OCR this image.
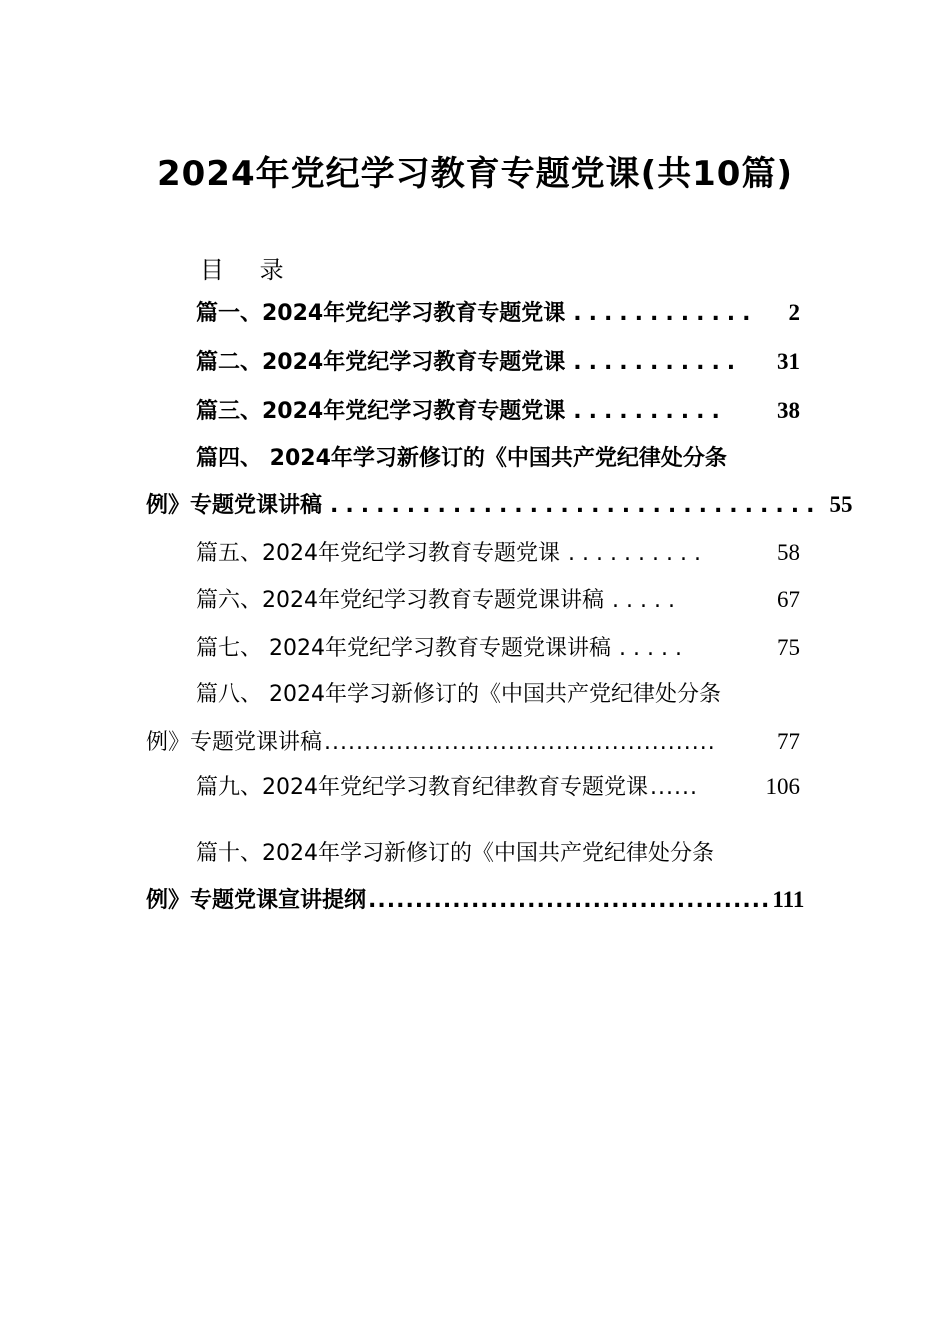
2024年党纪学习教育专题党课(共10篇)
目 录
篇一、2024年党纪学习教育专题党课 ............	2
篇二、2024年党纪学习教育专题党课 ...........	31
篇三、2024年党纪学习教育专题党课 ..........	38
篇四、 2024年学习新修订的《中国共产党纪律处分条
例》专题党课讲稿 ................................ 55
篇五、2024年党纪学习教育专题党课 ..........	58
篇六、2024年党纪学习教育专题党课讲稿 .....	67
篇七、 2024年党纪学习教育专题党课讲稿 .....	75
篇八、 2024年学习新修订的《中国共产党纪律处分条
例》专题党课讲稿 .................................................	77
篇九、2024年党纪学习教育纪律教育专题党课 ......	106
篇十、2024年学习新修订的《中国共产党纪律处分条
例》专题党课宣讲提纲 ........................................... 111
